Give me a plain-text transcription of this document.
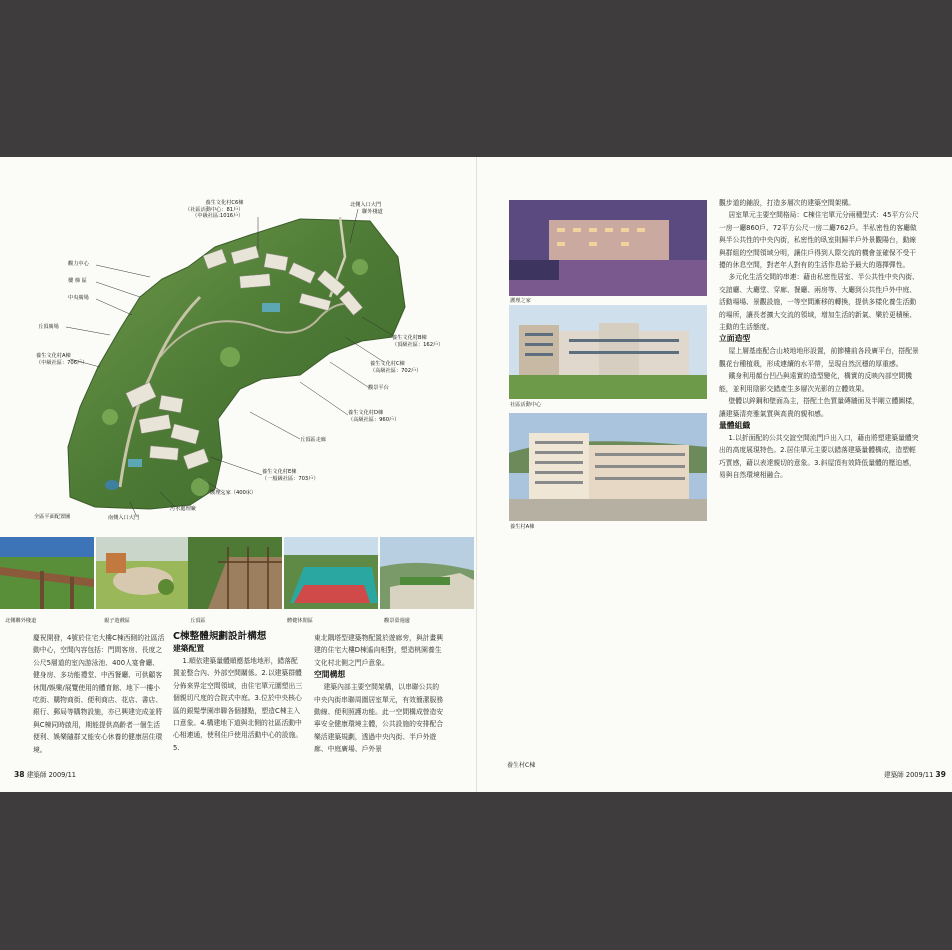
養生文化村C6棟
（社區活動中心：81戶）
（中級社區:1016戶）
北側入口大門
聯外棧道
觀力中心
樓 梯 區
中央廣場
丘頂廣場
養生文化村A棟
（中級社區：706戶）
養生文化村B棟
（頂級社區：162戶）
養生文化村C棟
（高級社區：702戶）
觀景平台
養生文化村D棟
（高級社區：960戶）
丘頂區走廊
養生文化村E棟
（一般級社區：703戶）
護理之家（400床）
污水處理廠
全區平面配置圖	南側入口大門
北側聯外棧道	親子遊戲區	丘頂區	體健休閒區	觀景臺週邊

慶祝開發，4號於住宅大樓C棟西側的社區活動中心，空間內容包括：門間客房、長度之公尺5層道的室內游泳池、400人宴會廳、健身房、多功能禮堂、中西餐廳、可供顧客休閒/娛樂/展覽使用的體育館、地下一樓小吃街、購物商街、便利商店、花店、書店、銀行、郵局等購物設施，亦已興建完成並將與C棟同時啟用，期能提供高齡者一個生活便利、娛樂隨群又能安心休養的健康居住環境。

C棟整體規劃設計構想
建築配置

1.順依建築量體順應基地地形，錯落配置並整合內、外部空間關係。2.以建築群體分佈來界定空間領域，由住宅單元圍塑出三個親切尺度的合院式中庭。3.位於中央核心區的銀髮學園串聯各個據點，塑造C棟主入口意象。4.構建地下道與北側的社區活動中心相連通，使利住戶使用活動中心的設施。5.

東北隅塔型建築物配置於遊廊旁，與計畫興建的住宅大樓D棟遙向相對，塑造桃園養生文化村北側之門戶意象。

空間構想

建築內部主要空間架構，以串聯公共的中央內街串聯周圍居室單元，有效簡潔服務動線、便利照護功能。此一空間構成營造安寧安全健康環境主體，公共設施的安排配合樂活建築規劃，透過中央內街、半戶外遊廊、中庭廣場、戶外景

38 建築師 2009/11
護理之家
社區活動中心
養生村A棟

觀步道的鋪設，打造多層次的建築空間架構。

居室單元主要空間格局：C棟住宅單元分兩種型式：45平方公尺一房一廳860戶、72平方公尺一房二廳762戶。半私密性的客廳做與半公共性的中央內街，私密性的臥室則歸半戶外景觀陽台，動線與群組的空間領域分明，讓住戶得到人際交流的機會並確保不受干擾的休息空間，對老年人對有的生活作息給予最大的選擇彈性。

多元化生活交間的串連：藉由私密性居室、半公共性中央內街、交誼廳、大廳堂、穿廊、餐廳、兩房等、大廳到公共性戶外中庭、活動場場、景觀設施，一等空間漸移的轉換，提供多樣化養生活動的場所，讓長者擴大交流的領域，增加生活的新氣、樂於更積極、主動的生活態度。

立面造型

屋上層基座配合山坡地地形設置，前節樓前各段廣平台，搭配景觀花台種植栽，形成連續的水平帶，呈現自然沉穩的厚重感。

鐵身利用顏台凹凸與遠實的造型變化，構實的反映內部空間機能，並利用陰影交錯產生多層次光影的立體效果。

壁體以鋅鋼和壁面為主，搭配土色質量磚牆面及半剛立體圖樣，讓建築清亮雅氣質與高貴的親和感。

量體組織

1.以折面配的公共交誼空間流門戶出入口，藉由將塑建築量體突出的高度展現特色。2.居住單元主要以錯落建築量體構成，造塑輕巧質感，藉以表達親切的意象。3.斜屋頂有效降低量體的壓迫感，易與自然環境相融合。

養生村C棟
建築師 2009/11 39
